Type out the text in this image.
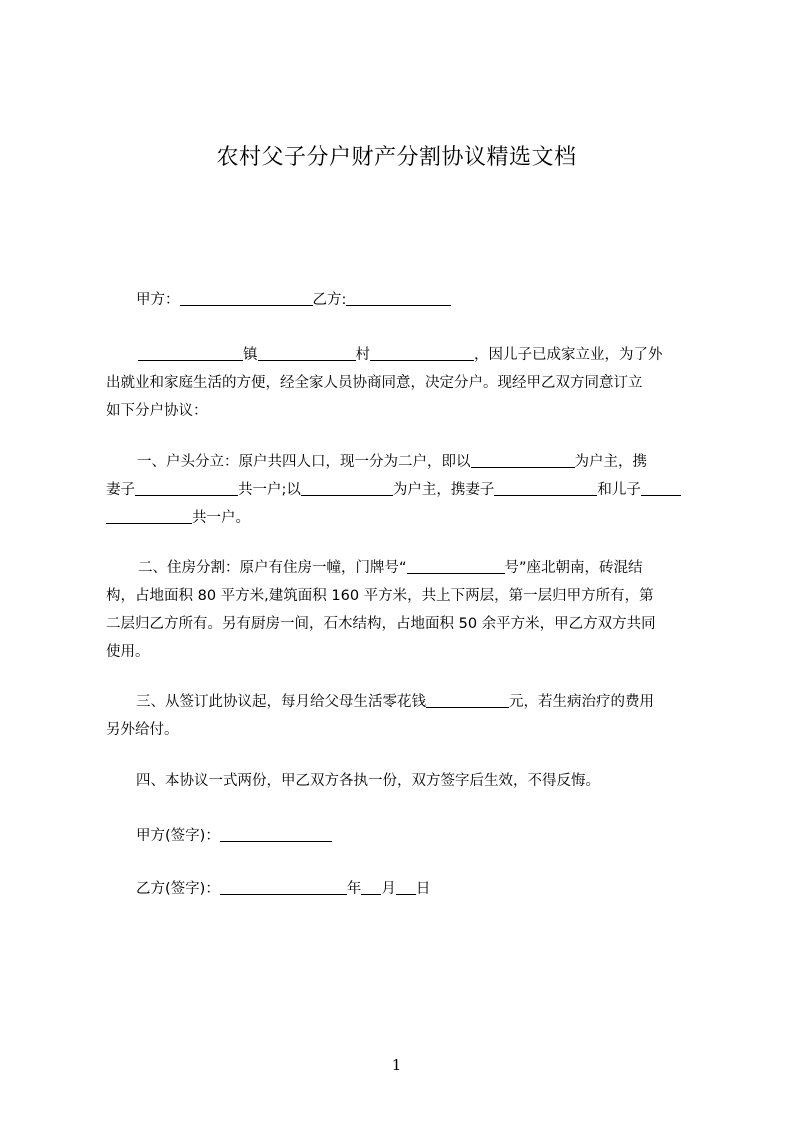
农村父子分户财产分割协议精选文档
甲方：	乙方:
镇	村	，因儿子已成家立业，为了外
出就业和家庭生活的方便，经全家人员协商同意，决定分户。现经甲乙双方同意订立
如下分户协议：
一、户头分立：原户共四人口，现一分为二户，即以	为户主，携
妻子	共一户;以	为户主，携妻子	和儿子
共一户。
二、住房分割：原户有住房一幢，门牌号“	号”座北朝南，砖混结
构，占地面积 80 平方米,建筑面积 160 平方米，共上下两层，第一层归甲方所有，第
二层归乙方所有。另有厨房一间，石木结构，占地面积 50 余平方米，甲乙方双方共同
使用。
三、从签订此协议起，每月给父母生活零花钱	元，若生病治疗的费用
另外给付。
四、本协议一式两份，甲乙双方各执一份，双方签字后生效，不得反悔。
甲方(签字)：
乙方(签字)：	年 月 日
1
